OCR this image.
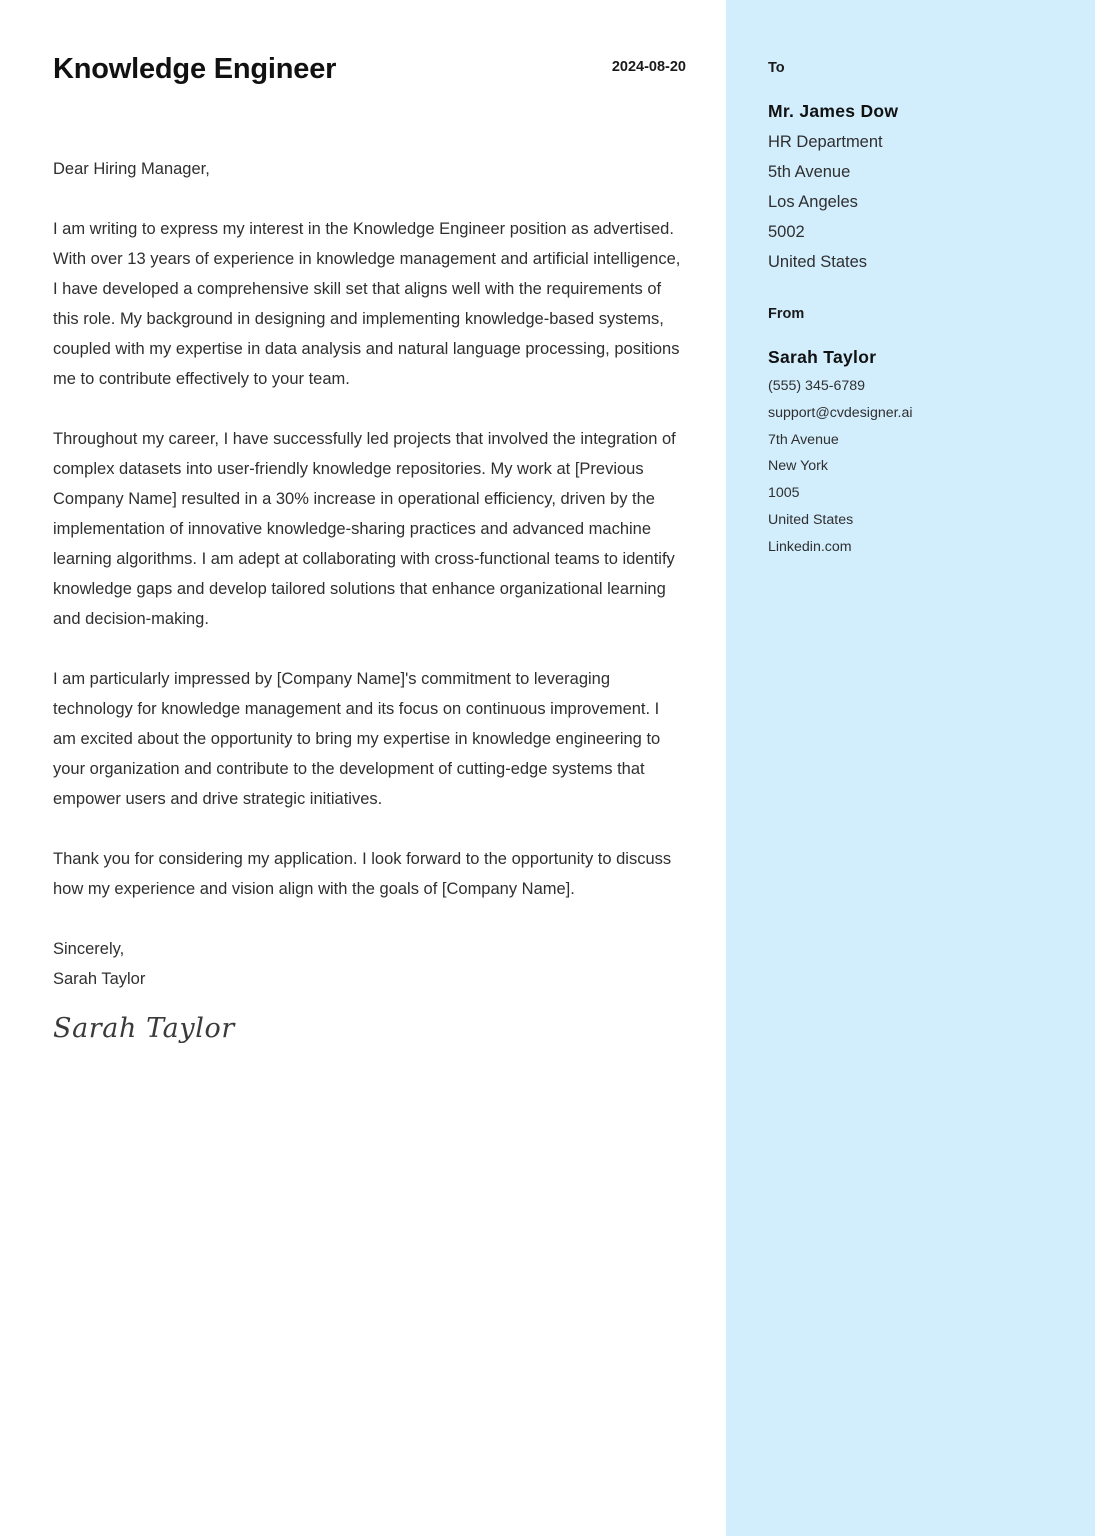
Knowledge Engineer	2024-08-20
Dear Hiring Manager,

I am writing to express my interest in the Knowledge Engineer position as advertised. With over 13 years of experience in knowledge management and artificial intelligence, I have developed a comprehensive skill set that aligns well with the requirements of this role. My background in designing and implementing knowledge-based systems, coupled with my expertise in data analysis and natural language processing, positions me to contribute effectively to your team.

Throughout my career, I have successfully led projects that involved the integration of complex datasets into user-friendly knowledge repositories. My work at [Previous Company Name] resulted in a 30% increase in operational efficiency, driven by the implementation of innovative knowledge-sharing practices and advanced machine learning algorithms. I am adept at collaborating with cross-functional teams to identify knowledge gaps and develop tailored solutions that enhance organizational learning and decision-making.

I am particularly impressed by [Company Name]'s commitment to leveraging technology for knowledge management and its focus on continuous improvement. I am excited about the opportunity to bring my expertise in knowledge engineering to your organization and contribute to the development of cutting-edge systems that empower users and drive strategic initiatives.

Thank you for considering my application. I look forward to the opportunity to discuss how my experience and vision align with the goals of [Company Name].

Sincerely,
Sarah Taylor
Sarah Taylor
To
Mr. James Dow
HR Department
5th Avenue
Los Angeles
5002
United States
From
Sarah Taylor
(555) 345-6789
support@cvdesigner.ai
7th Avenue
New York
1005
United States
Linkedin.com
